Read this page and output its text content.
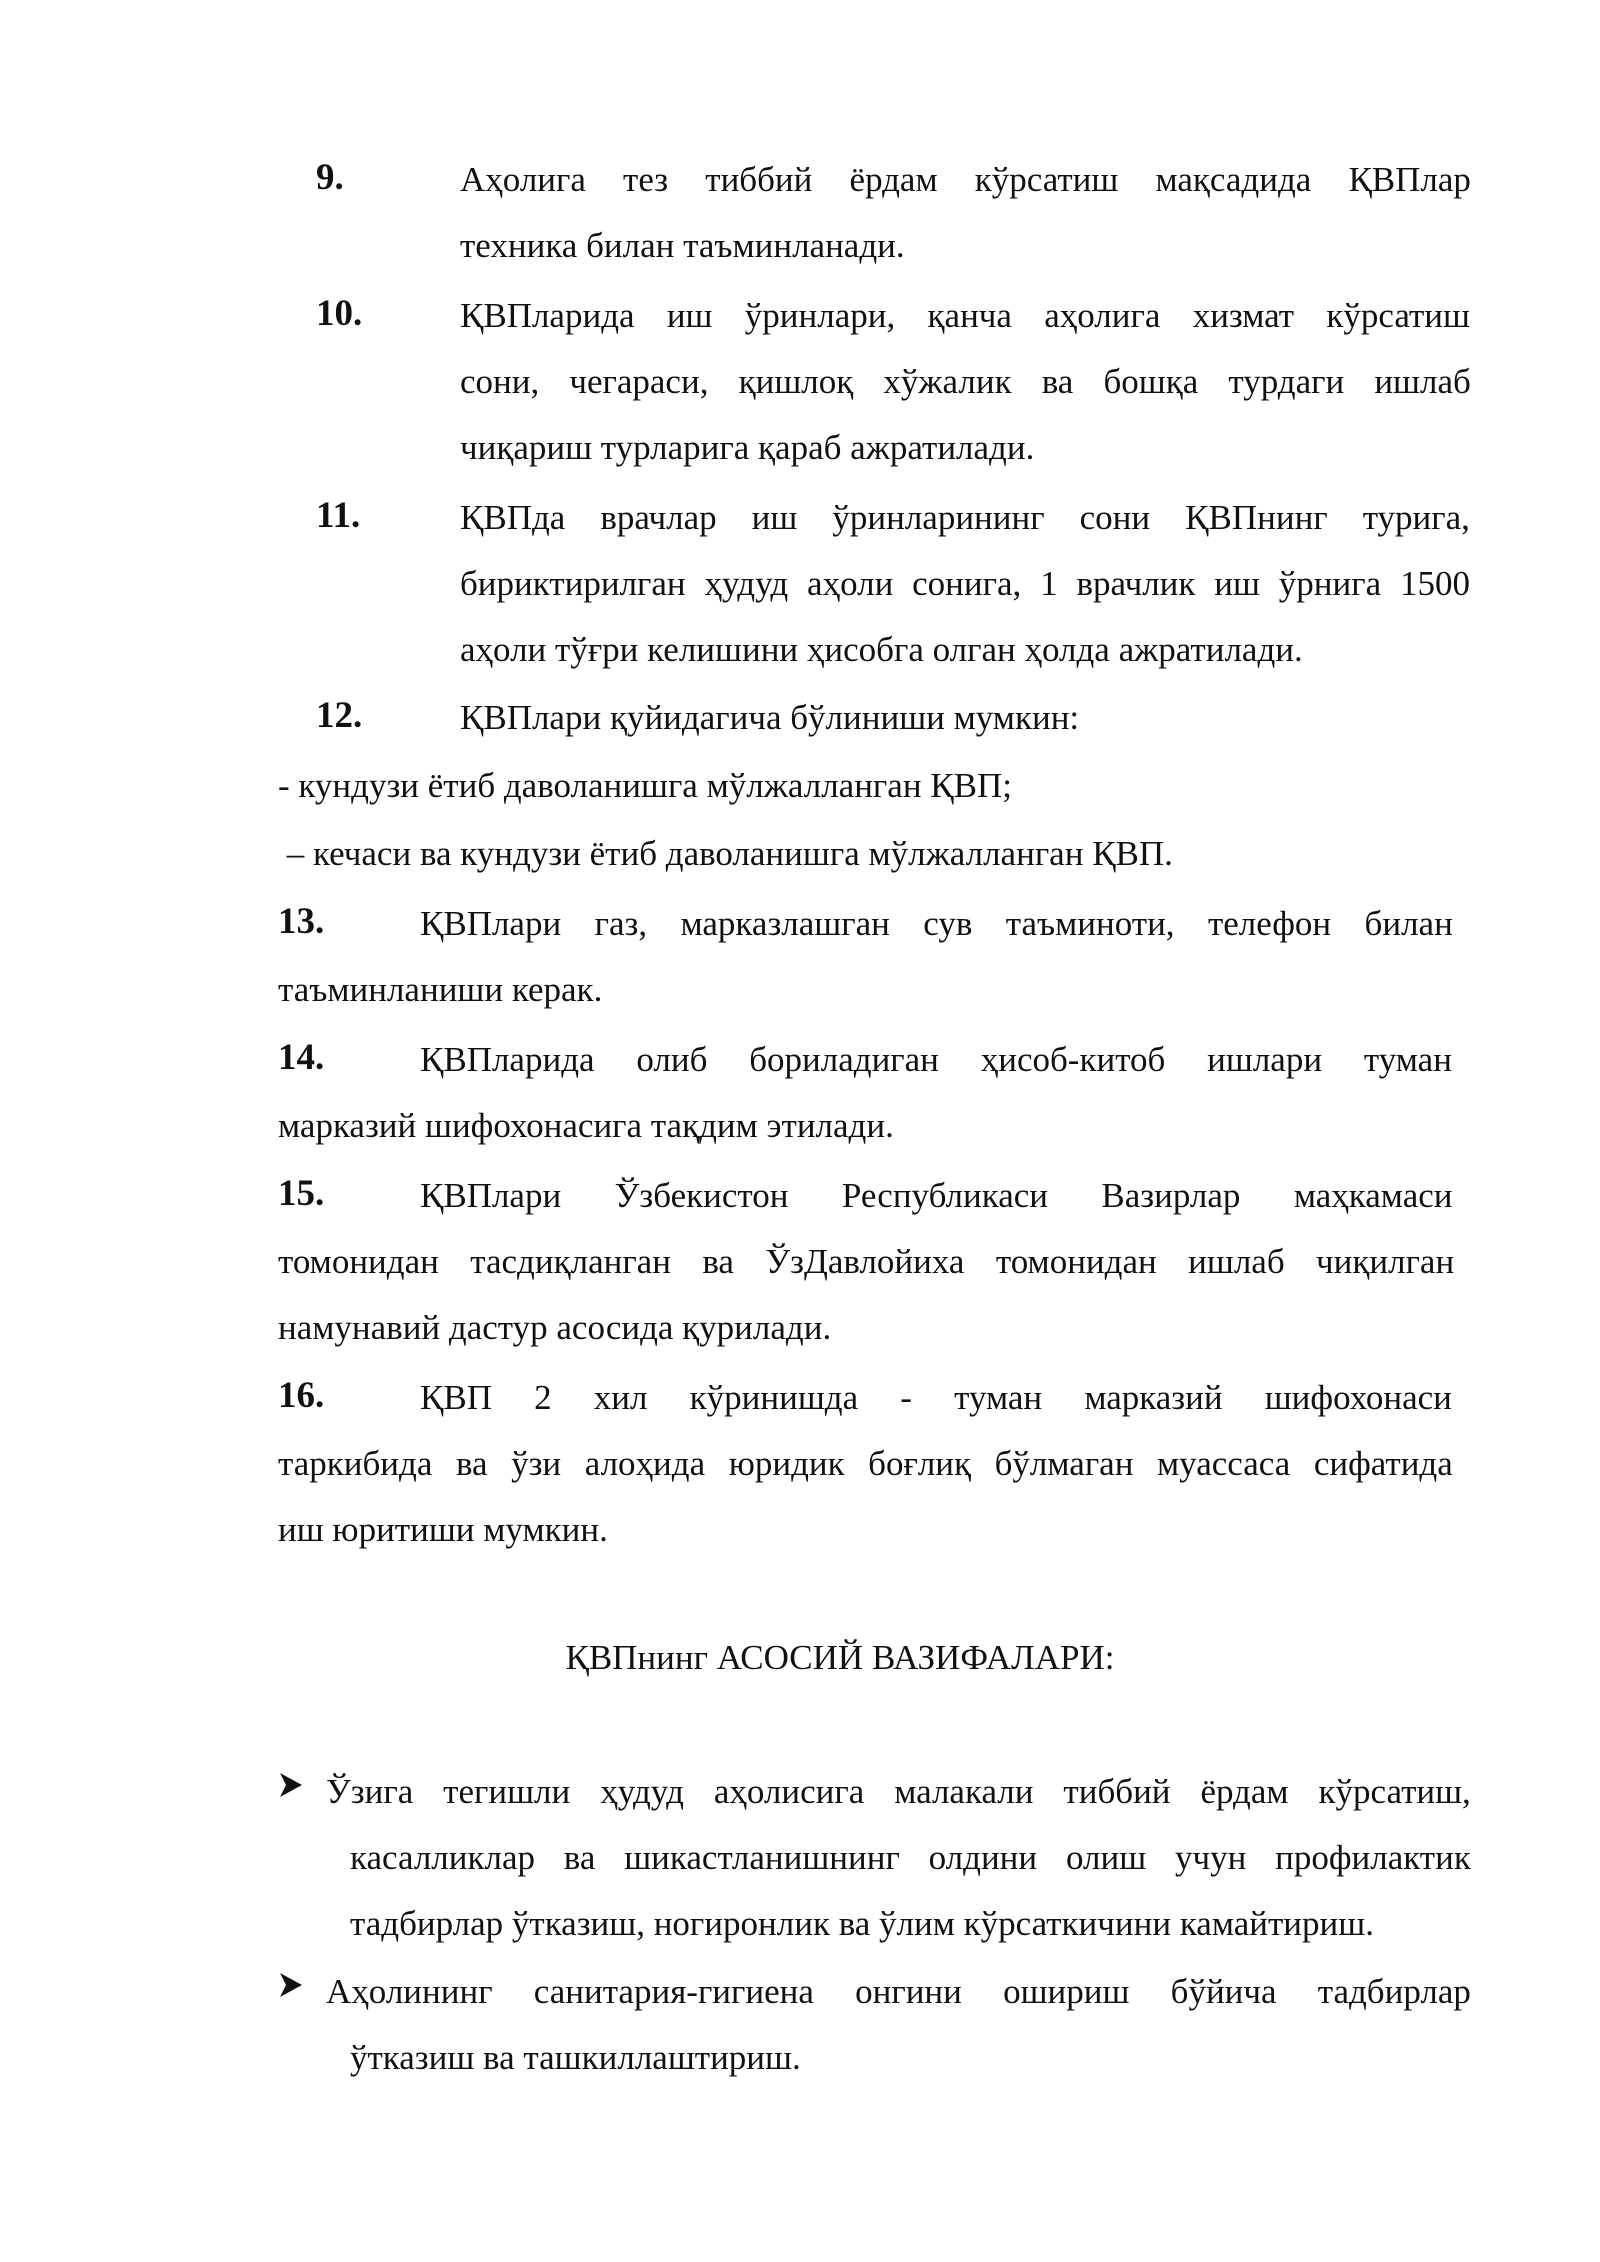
9.	Аҳолига тез тиббий ёрдам кўрсатиш мақсадида ҚВПлар
техника билан таъминланади.
10.	ҚВПларида иш ўринлари, қанча аҳолига хизмат кўрсатиш
сони, чегараси, қишлоқ хўжалик ва бошқа турдаги ишлаб
чиқариш турларига қараб ажратилади.
11.	ҚВПда врачлар иш ўринларининг сони ҚВПнинг турига,
бириктирилган ҳудуд аҳоли сонига, 1 врачлик иш ўрнига 1500
аҳоли тўғри келишини ҳисобга олган ҳолда ажратилади.
12.	ҚВПлари қуйидагича бўлиниши мумкин:
- кундузи ётиб даволанишга мўлжалланган ҚВП;
– кечаси ва кундузи ётиб даволанишга мўлжалланган ҚВП.
13.	ҚВПлари газ, марказлашган сув таъминоти, телефон билан
таъминланиши керак.
14.	ҚВПларида олиб бориладиган ҳисоб-китоб ишлари туман
марказий шифохонасига тақдим этилади.
15.	ҚВПлари Ўзбекистон Республикаси Вазирлар маҳкамаси
томонидан тасдиқланган ва ЎзДавлойиха томонидан ишлаб чиқилган
намунавий дастур асосида қурилади.
16.	ҚВП 2 хил кўринишда - туман марказий шифохонаси
таркибида ва ўзи алоҳида юридик боғлиқ бўлмаган муассаса сифатида
иш юритиши мумкин.
ҚВПнинг АСОСИЙ ВАЗИФАЛАРИ:
Ўзига тегишли ҳудуд аҳолисига малакали тиббий ёрдам кўрсатиш,
касалликлар ва шикастланишнинг олдини олиш учун профилактик
тадбирлар ўтказиш, ногиронлик ва ўлим кўрсаткичини камайтириш.
Аҳолининг санитария-гигиена онгини ошириш бўйича тадбирлар
ўтказиш ва ташкиллаштириш.
